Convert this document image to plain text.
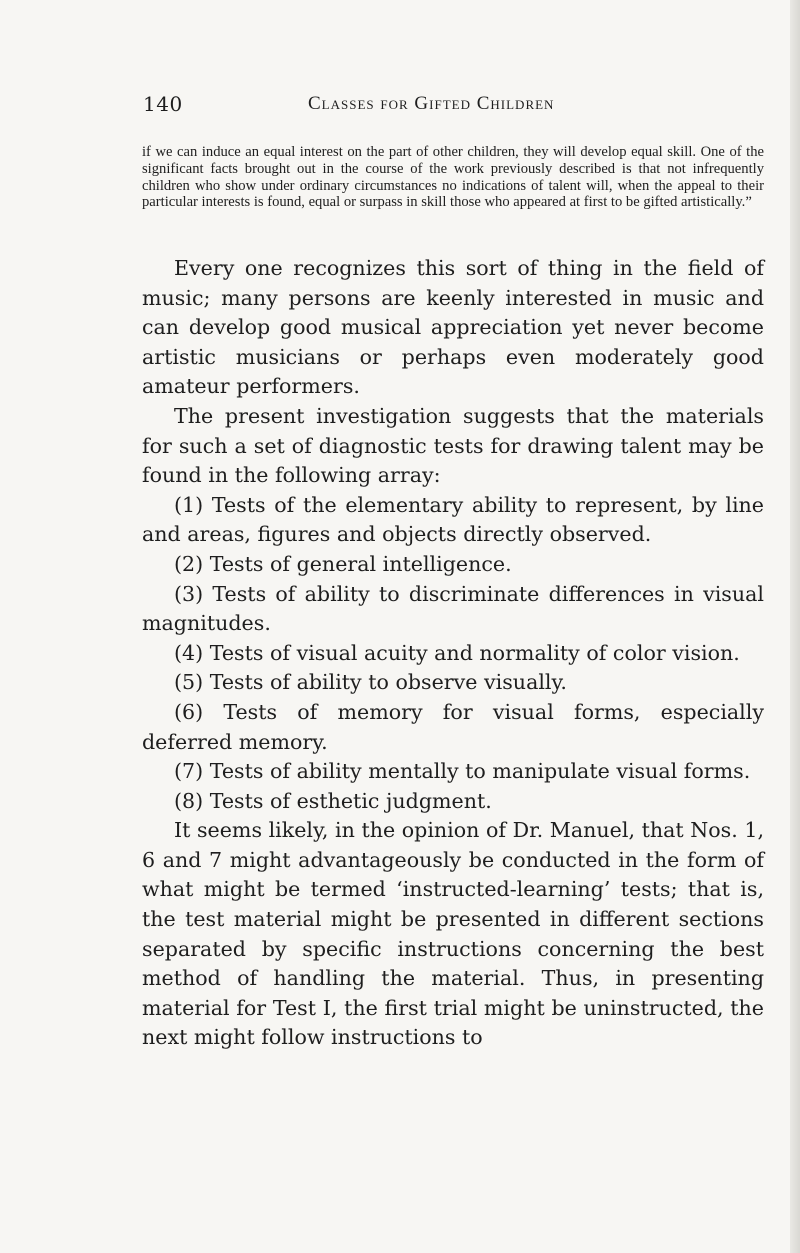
140	Classes for Gifted Children

if we can induce an equal interest on the part of other children, they will develop equal skill. One of the significant facts brought out in the course of the work previously described is that not infrequently children who show under ordinary circumstances no indications of talent will, when the appeal to their particular interests is found, equal or surpass in skill those who appeared at first to be gifted artistically.”

Every one recognizes this sort of thing in the field of music; many persons are keenly interested in music and can develop good musical appreciation yet never become artistic musicians or perhaps even moderately good amateur performers.

The present investigation suggests that the materials for such a set of diagnostic tests for drawing talent may be found in the following array:

(1) Tests of the elementary ability to represent, by line and areas, figures and objects directly observed.

(2) Tests of general intelligence.

(3) Tests of ability to discriminate differences in visual magnitudes.

(4) Tests of visual acuity and normality of color vision.

(5) Tests of ability to observe visually.

(6) Tests of memory for visual forms, especially deferred memory.

(7) Tests of ability mentally to manipulate visual forms.

(8) Tests of esthetic judgment.

It seems likely, in the opinion of Dr. Manuel, that Nos. 1, 6 and 7 might advantageously be conducted in the form of what might be termed ‘instructed-learning’ tests; that is, the test material might be presented in different sections separated by specific instructions concerning the best method of handling the material. Thus, in presenting material for Test I, the first trial might be uninstructed, the next might follow instructions to
